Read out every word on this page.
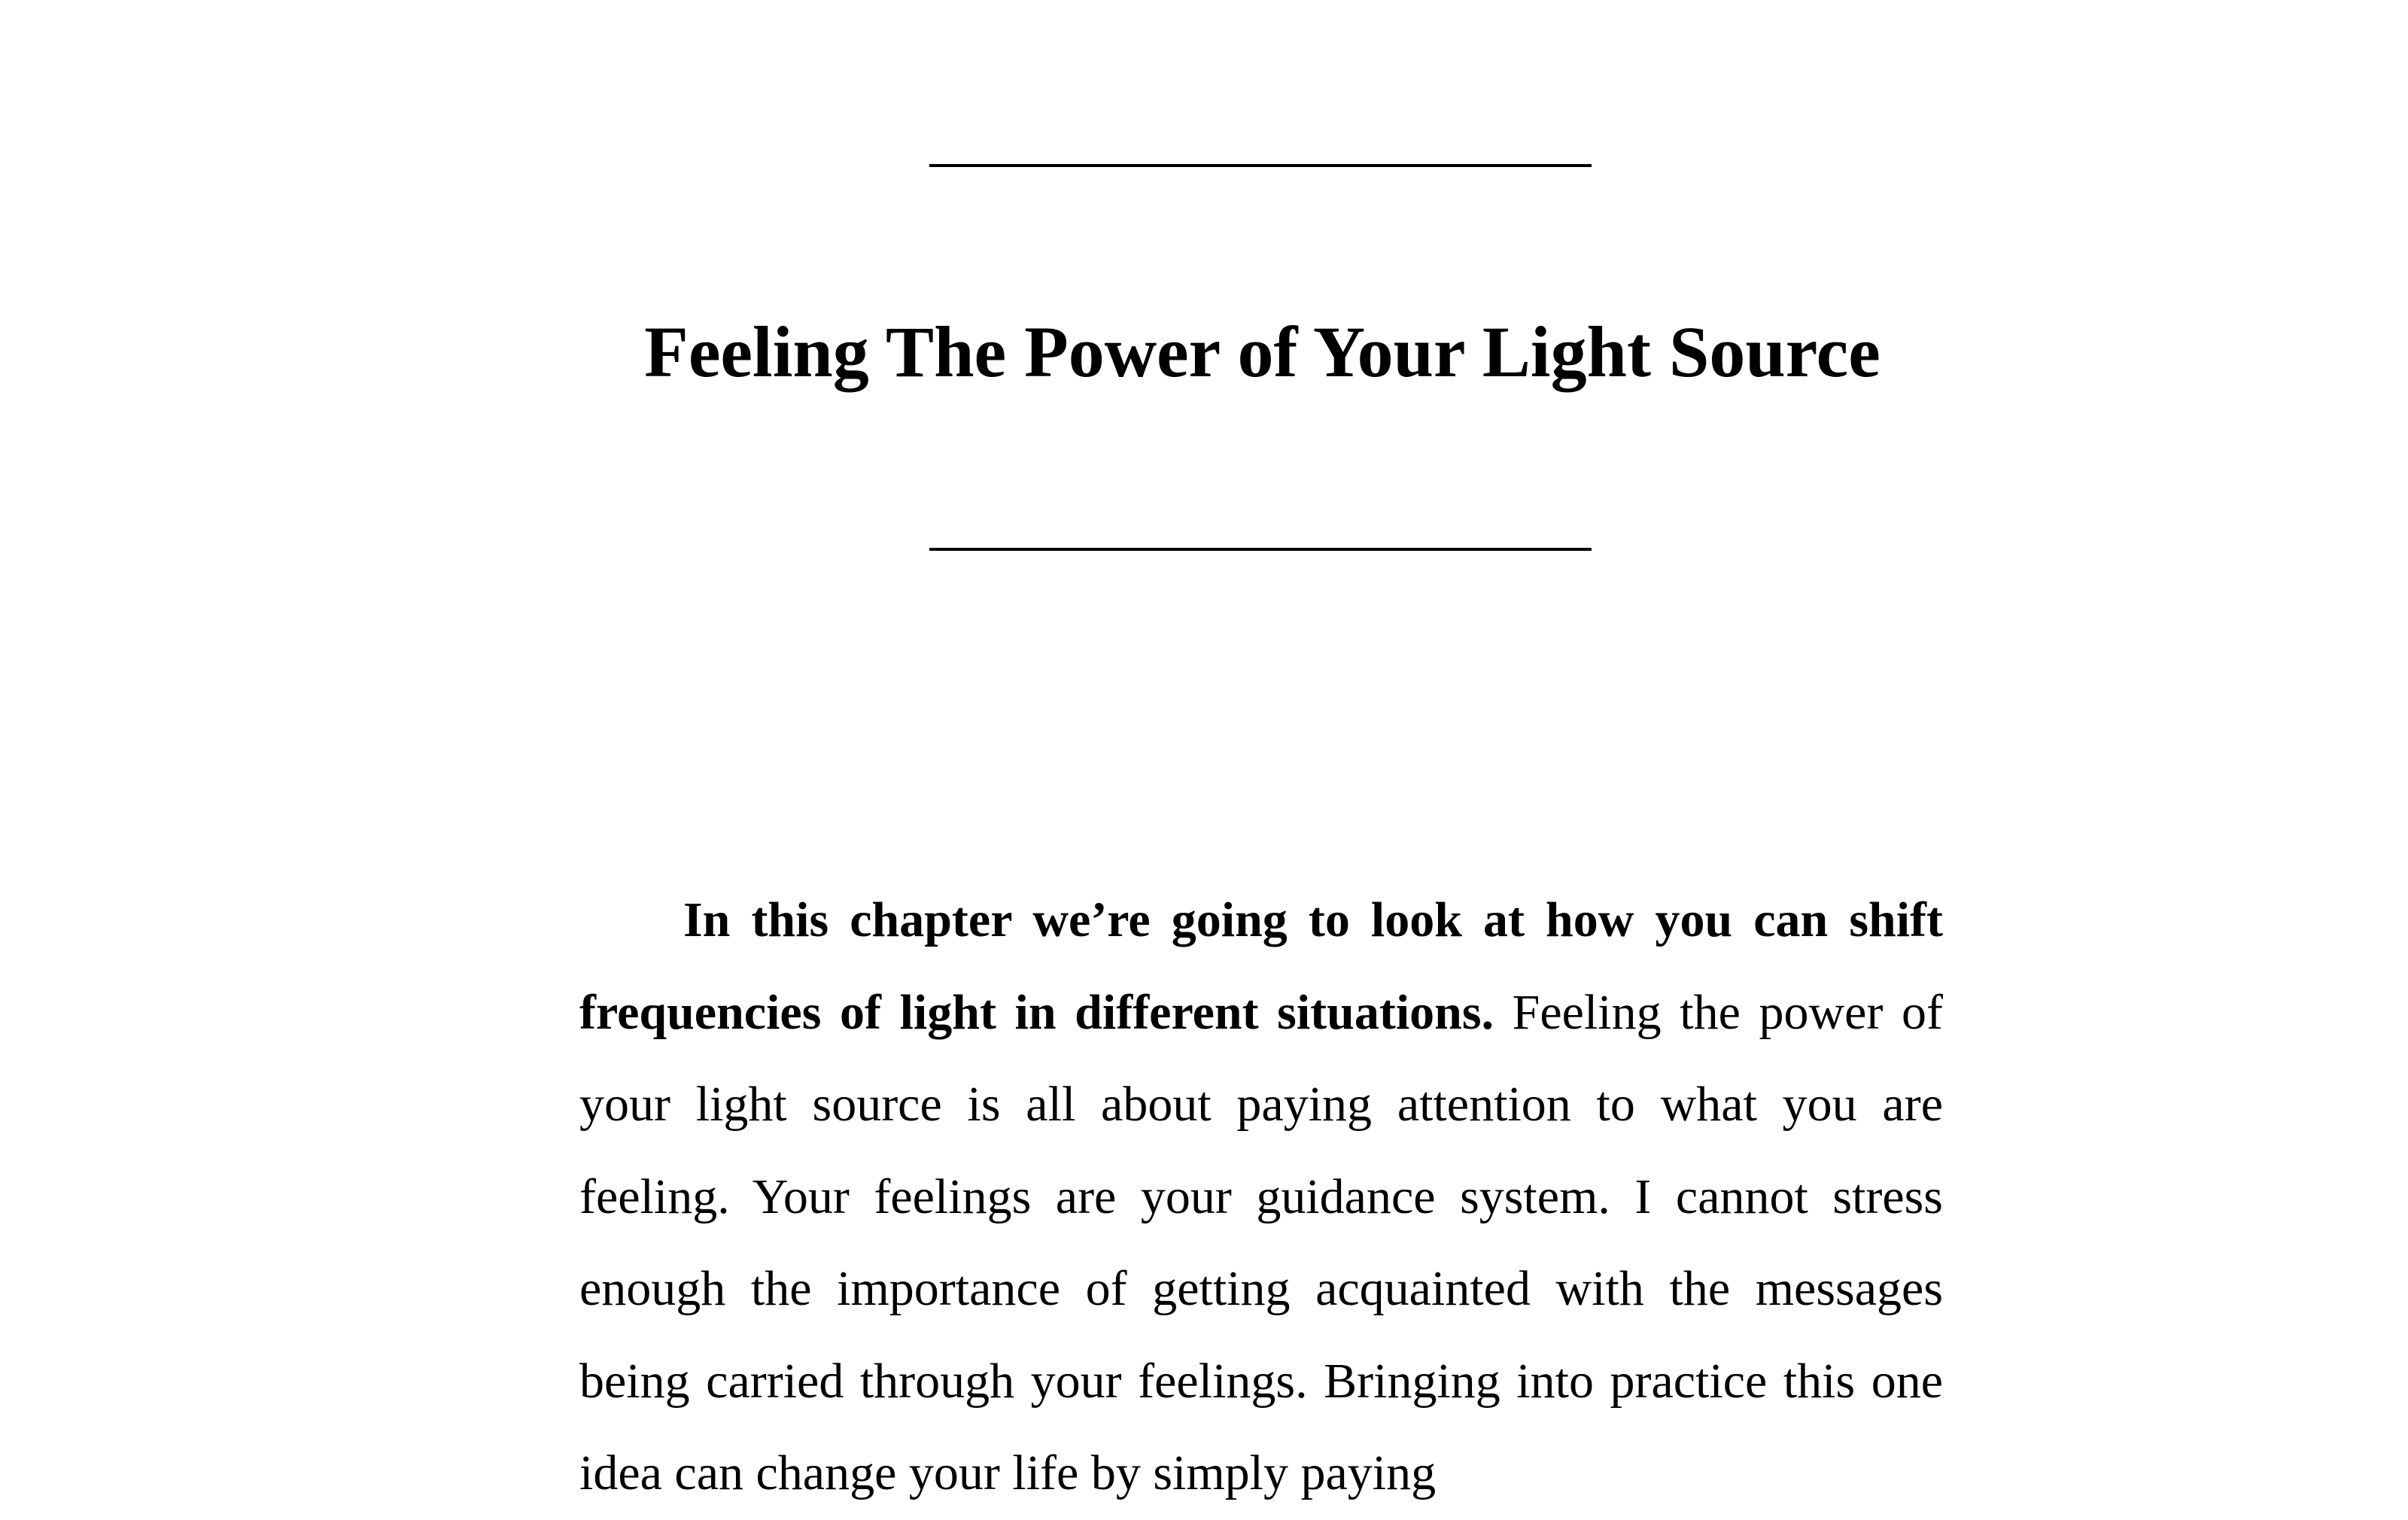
Feeling The Power of Your Light Source

In this chapter we’re going to look at how you can shift frequencies of light in different situations. Feeling the power of your light source is all about paying attention to what you are feeling. Your feelings are your guidance system. I cannot stress enough the importance of getting acquainted with the messages being carried through your feelings. Bringing into practice this one idea can change your life by simply paying
